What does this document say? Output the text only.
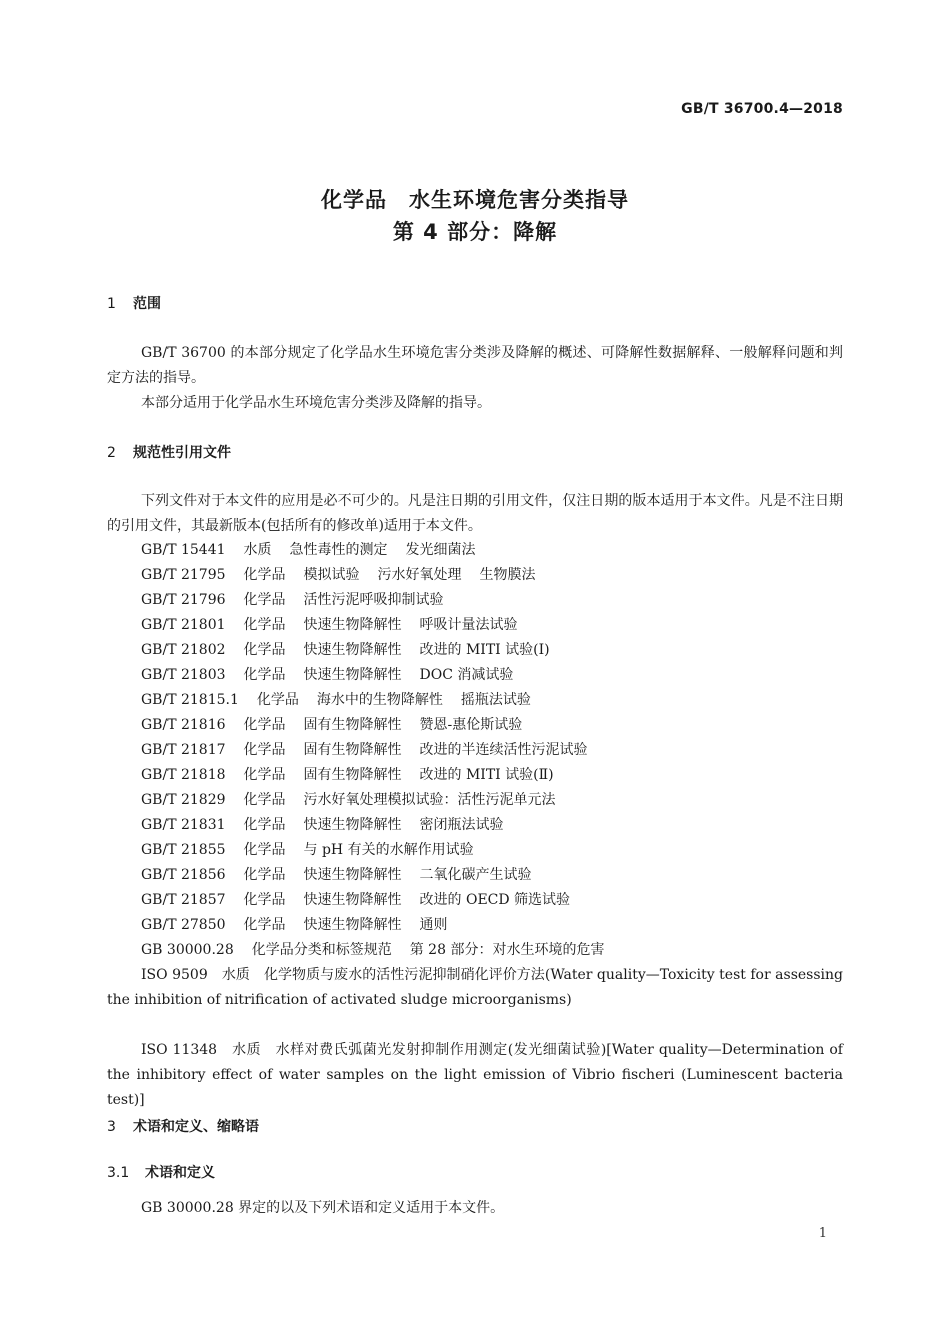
GB/T 36700.4—2018
化学品　水生环境危害分类指导
第 4 部分：降解
1 范围
GB/T 36700 的本部分规定了化学品水生环境危害分类涉及降解的概述、可降解性数据解释、一般解释问题和判定方法的指导。
本部分适用于化学品水生环境危害分类涉及降解的指导。
2 规范性引用文件
下列文件对于本文件的应用是必不可少的。凡是注日期的引用文件，仅注日期的版本适用于本文件。凡是不注日期的引用文件，其最新版本(包括所有的修改单)适用于本文件。
GB/T 15441 水质 急性毒性的测定 发光细菌法
GB/T 21795 化学品 模拟试验 污水好氧处理 生物膜法
GB/T 21796 化学品 活性污泥呼吸抑制试验
GB/T 21801 化学品 快速生物降解性 呼吸计量法试验
GB/T 21802 化学品 快速生物降解性 改进的 MITI 试验(Ⅰ)
GB/T 21803 化学品 快速生物降解性 DOC 消减试验
GB/T 21815.1 化学品 海水中的生物降解性 摇瓶法试验
GB/T 21816 化学品 固有生物降解性 赞恩-惠伦斯试验
GB/T 21817 化学品 固有生物降解性 改进的半连续活性污泥试验
GB/T 21818 化学品 固有生物降解性 改进的 MITI 试验(Ⅱ)
GB/T 21829 化学品 污水好氧处理模拟试验：活性污泥单元法
GB/T 21831 化学品 快速生物降解性 密闭瓶法试验
GB/T 21855 化学品 与 pH 有关的水解作用试验
GB/T 21856 化学品 快速生物降解性 二氧化碳产生试验
GB/T 21857 化学品 快速生物降解性 改进的 OECD 筛选试验
GB/T 27850 化学品 快速生物降解性 通则
GB 30000.28 化学品分类和标签规范 第 28 部分：对水生环境的危害
ISO 9509　水质　化学物质与废水的活性污泥抑制硝化评价方法(Water quality—Toxicity test for assessing the inhibition of nitrification of activated sludge microorganisms)
ISO 11348　水质　水样对费氏弧菌光发射抑制作用测定(发光细菌试验)[Water quality—Determination of the inhibitory effect of water samples on the light emission of Vibrio fischeri (Luminescent bacteria test)]
3 术语和定义、缩略语
3.1 术语和定义
GB 30000.28 界定的以及下列术语和定义适用于本文件。
1
